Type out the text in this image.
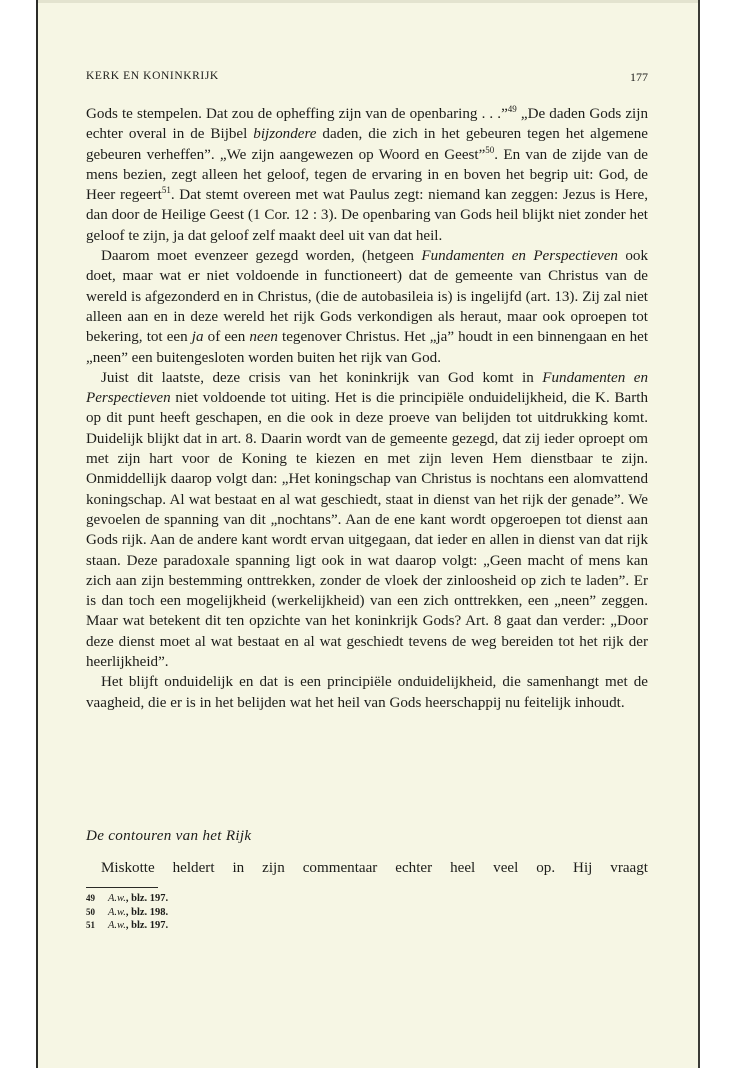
KERK EN KONINKRIJK	177

Gods te stempelen. Dat zou de opheffing zijn van de openbaring . . .”$^{49}$ „De daden Gods zijn echter overal in de Bijbel bijzondere daden, die zich in het gebeuren tegen het algemene gebeuren verheffen”. „We zijn aangewezen op Woord en Geest”$^{50}$. En van de zijde van de mens bezien, zegt alleen het geloof, tegen de ervaring in en boven het begrip uit: God, de Heer regeert$^{51}$. Dat stemt overeen met wat Paulus zegt: niemand kan zeggen: Jezus is Here, dan door de Heilige Geest (1 Cor. 12 : 3). De openbaring van Gods heil blijkt niet zonder het geloof te zijn, ja dat geloof zelf maakt deel uit van dat heil.

Daarom moet evenzeer gezegd worden, (hetgeen Fundamenten en Perspectieven ook doet, maar wat er niet voldoende in functioneert) dat de gemeente van Christus van de wereld is afgezonderd en in Christus, (die de autobasileia is) is ingelijfd (art. 13). Zij zal niet alleen aan en in deze wereld het rijk Gods verkondigen als heraut, maar ook oproepen tot bekering, tot een ja of een neen tegenover Christus. Het „ja” houdt in een binnengaan en het „neen” een buitengesloten worden buiten het rijk van God.

Juist dit laatste, deze crisis van het koninkrijk van God komt in Fundamenten en Perspectieven niet voldoende tot uiting. Het is die principiële onduidelijkheid, die K. Barth op dit punt heeft geschapen, en die ook in deze proeve van belijden tot uitdrukking komt. Duidelijk blijkt dat in art. 8. Daarin wordt van de gemeente gezegd, dat zij ieder oproept om met zijn hart voor de Koning te kiezen en met zijn leven Hem dienstbaar te zijn. Onmiddellijk daarop volgt dan: „Het koningschap van Christus is nochtans een alomvattend koningschap. Al wat bestaat en al wat geschiedt, staat in dienst van het rijk der genade”. We gevoelen de spanning van dit „nochtans”. Aan de ene kant wordt opgeroepen tot dienst aan Gods rijk. Aan de andere kant wordt ervan uitgegaan, dat ieder en allen in dienst van dat rijk staan. Deze paradoxale spanning ligt ook in wat daarop volgt: „Geen macht of mens kan zich aan zijn bestemming onttrekken, zonder de vloek der zinloosheid op zich te laden”. Er is dan toch een mogelijkheid (werkelijkheid) van een zich onttrekken, een „neen” zeggen. Maar wat betekent dit ten opzichte van het koninkrijk Gods? Art. 8 gaat dan verder: „Door deze dienst moet al wat bestaat en al wat geschiedt tevens de weg bereiden tot het rijk der heerlijkheid”.

Het blijft onduidelijk en dat is een principiële onduidelijkheid, die samenhangt met de vaagheid, die er is in het belijden wat het heil van Gods heerschappij nu feitelijk inhoudt.

De contouren van het Rijk
Miskotte heldert in zijn commentaar echter heel veel op. Hij vraagt
49 A.w., blz. 197.
50 A.w., blz. 198.
51 A.w., blz. 197.
